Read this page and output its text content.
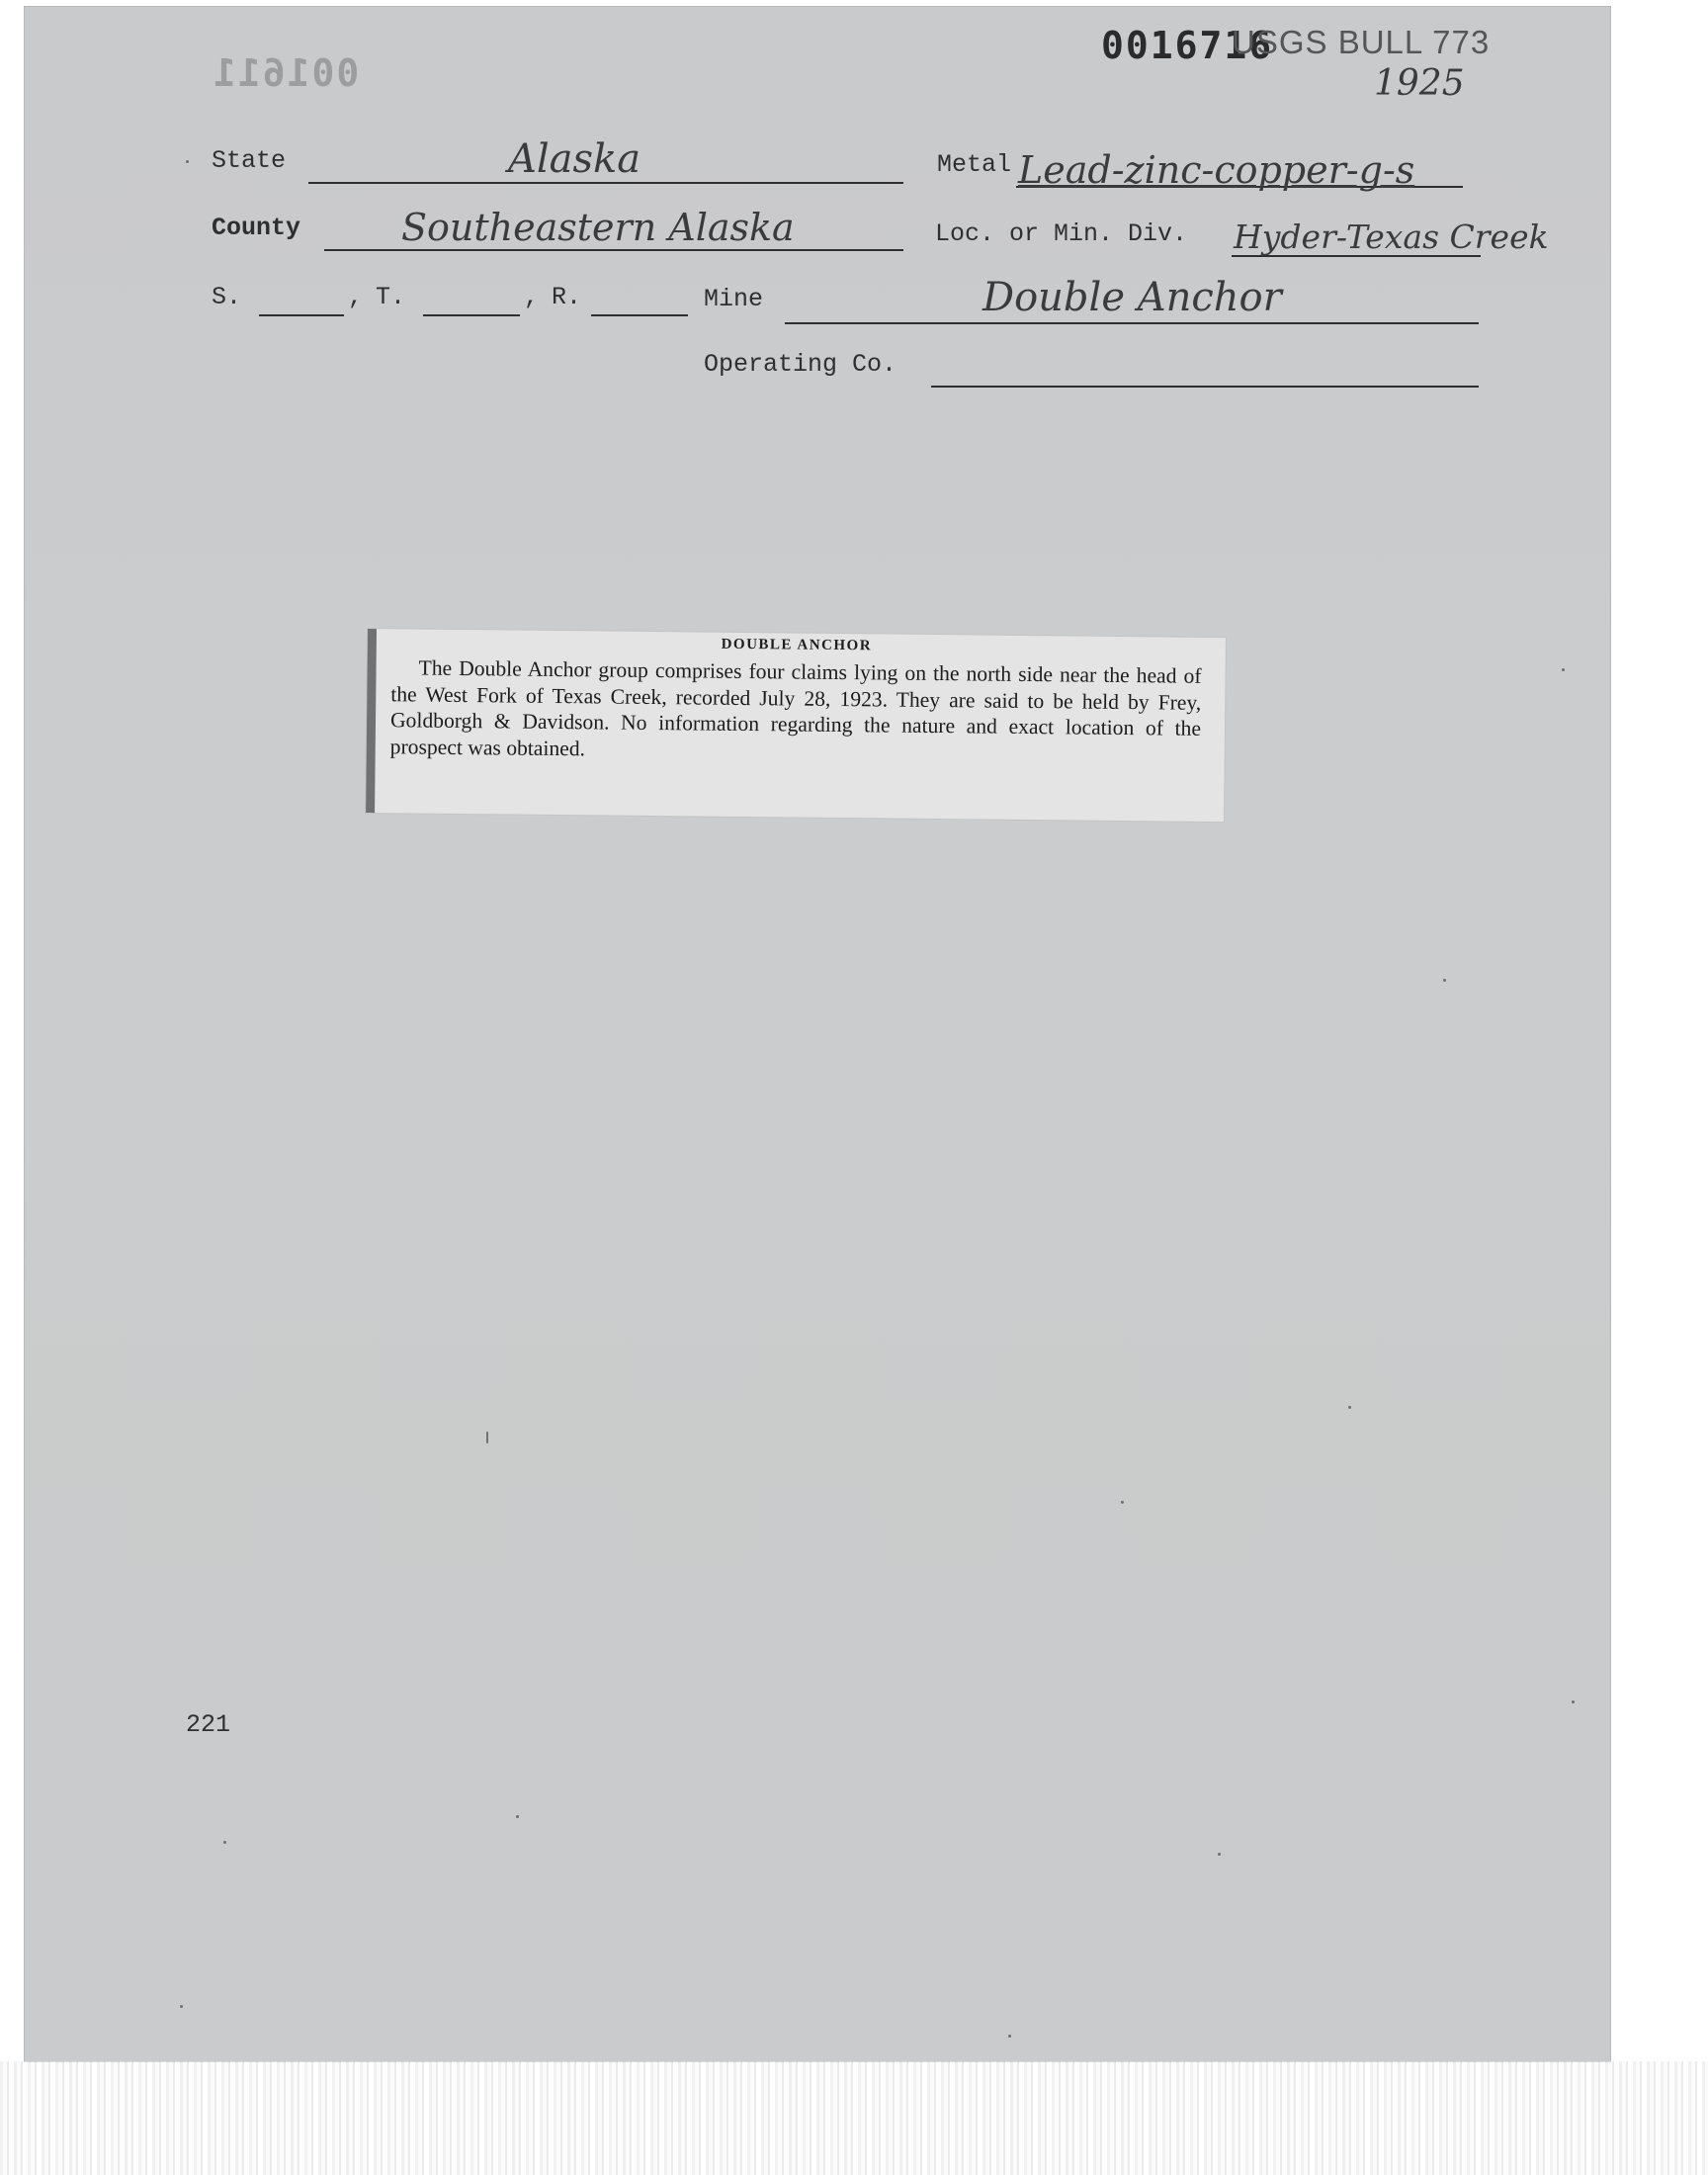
001611
0016716
USGS BULL 773
1925
State	Alaska	Metal Lead-zinc-copper-g-s
County	Southeastern Alaska	Loc. or Min. Div. Hyder-Texas Creek
S.	, T.	, R.	Mine	Double Anchor
Operating Co.
DOUBLE ANCHOR
The Double Anchor group comprises four claims lying on the north side near the head of the West Fork of Texas Creek, recorded July 28, 1923. They are said to be held by Frey, Goldborgh & Davidson. No information regarding the nature and exact location of the prospect was obtained.
221
